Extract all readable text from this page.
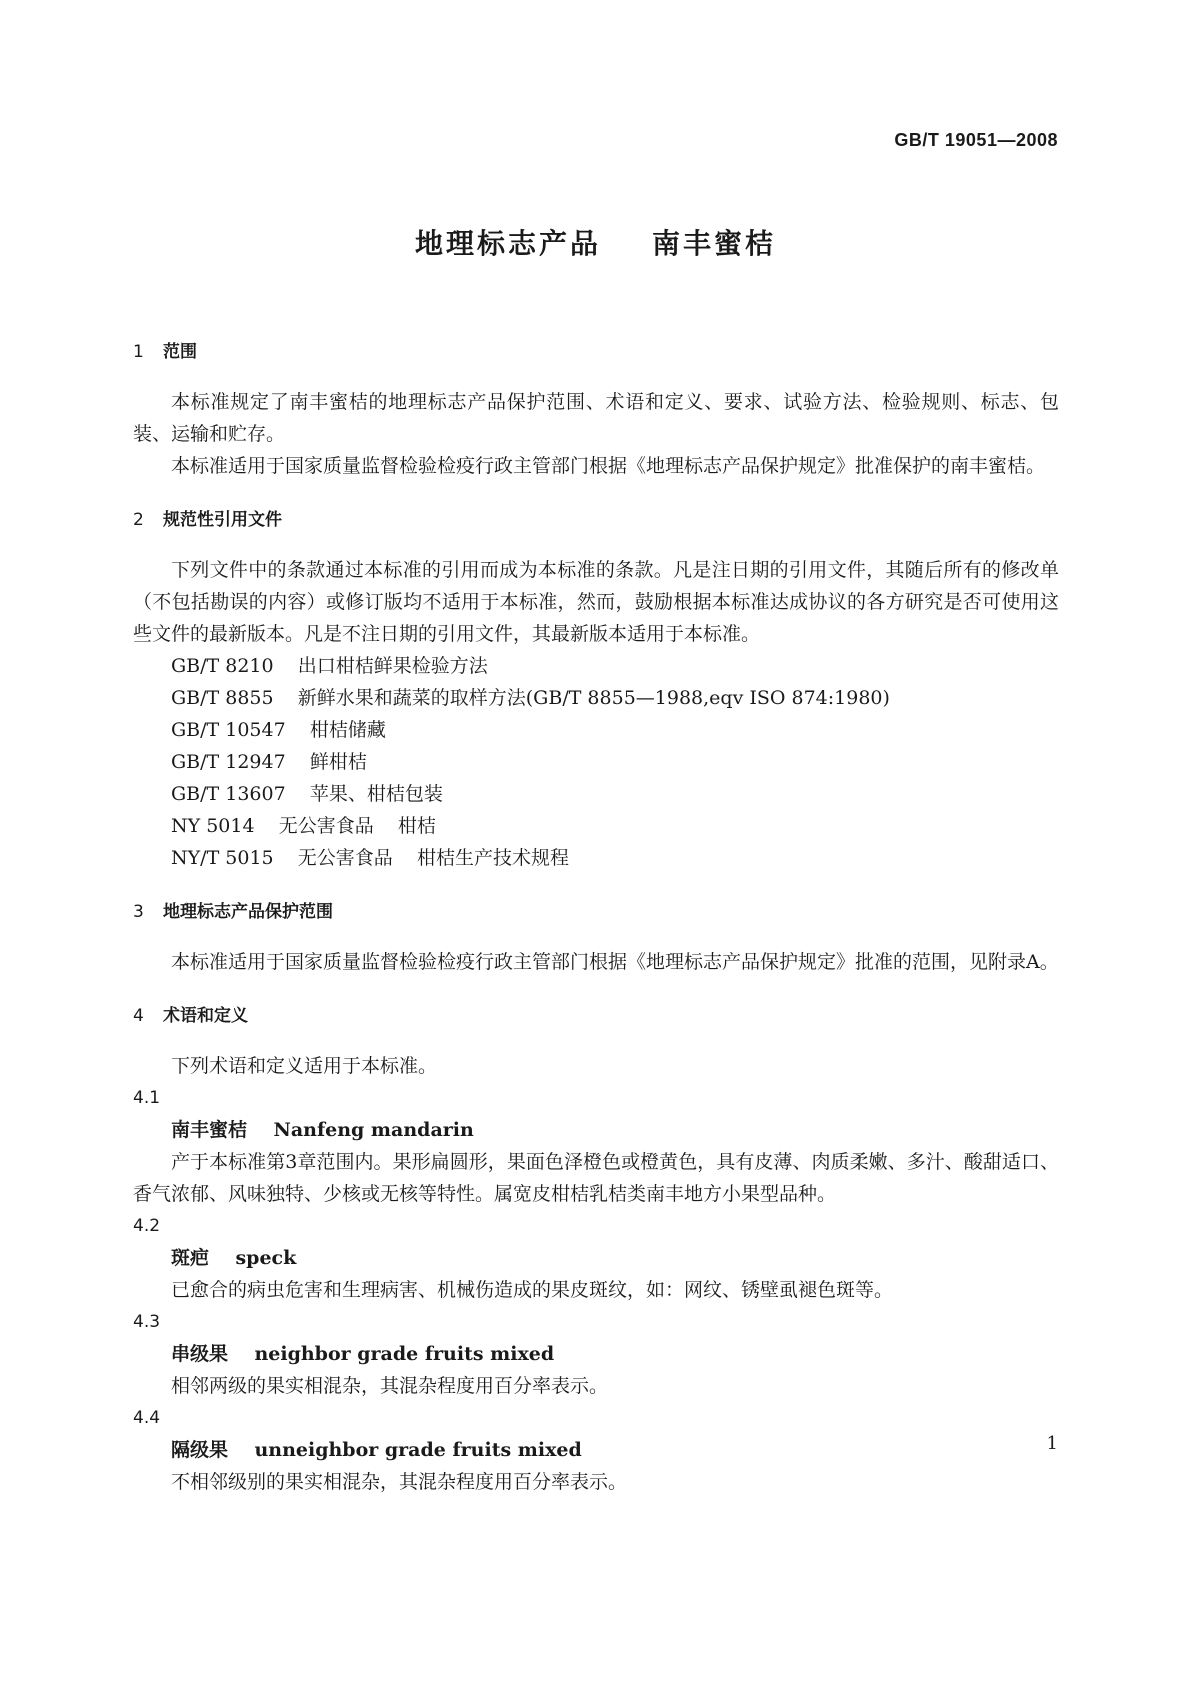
GB/T 19051—2008
地理标志产品    南丰蜜桔
1 范围
本标准规定了南丰蜜桔的地理标志产品保护范围、术语和定义、要求、试验方法、检验规则、标志、包装、运输和贮存。
本标准适用于国家质量监督检验检疫行政主管部门根据《地理标志产品保护规定》批准保护的南丰蜜桔。
2 规范性引用文件
下列文件中的条款通过本标准的引用而成为本标准的条款。凡是注日期的引用文件，其随后所有的修改单（不包括勘误的内容）或修订版均不适用于本标准，然而，鼓励根据本标准达成协议的各方研究是否可使用这些文件的最新版本。凡是不注日期的引用文件，其最新版本适用于本标准。
GB/T 8210    出口柑桔鲜果检验方法
GB/T 8855    新鲜水果和蔬菜的取样方法(GB/T 8855—1988,eqv ISO 874:1980)
GB/T 10547    柑桔储藏
GB/T 12947    鲜柑桔
GB/T 13607    苹果、柑桔包装
NY 5014    无公害食品    柑桔
NY/T 5015    无公害食品    柑桔生产技术规程
3 地理标志产品保护范围
本标准适用于国家质量监督检验检疫行政主管部门根据《地理标志产品保护规定》批准的范围，见附录A。
4 术语和定义
下列术语和定义适用于本标准。
4.1
南丰蜜桔    Nanfeng mandarin
产于本标准第3章范围内。果形扁圆形，果面色泽橙色或橙黄色，具有皮薄、肉质柔嫩、多汁、酸甜适口、香气浓郁、风味独特、少核或无核等特性。属宽皮柑桔乳桔类南丰地方小果型品种。
4.2
斑疤    speck
已愈合的病虫危害和生理病害、机械伤造成的果皮斑纹，如：网纹、锈壁虱褪色斑等。
4.3
串级果    neighbor grade fruits mixed
相邻两级的果实相混杂，其混杂程度用百分率表示。
4.4
隔级果    unneighbor grade fruits mixed
不相邻级别的果实相混杂，其混杂程度用百分率表示。
1
